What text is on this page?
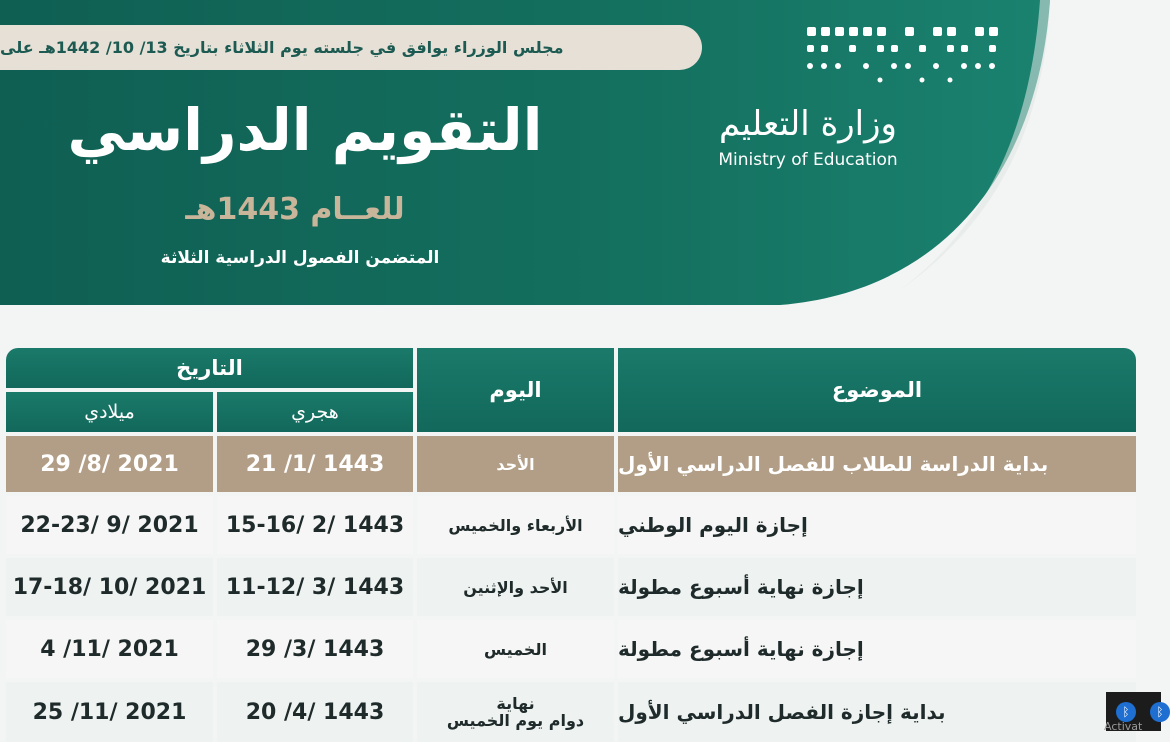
مجلس الوزراء يوافق في جلسته يوم الثلاثاء بتاريخ 13/ 10/ 1442هـ على
التقويم الدراسي
للعــام 1443هـ
المتضمن الفصول الدراسية الثلاثة
وزارة التعليم
Ministry of Education
الموضوع
اليوم
التاريخ
هجري
ميلادي
بداية الدراسة للطلاب للفصل الدراسي الأول
الأحد
21 /1/ 1443
29 /8/ 2021
إجازة اليوم الوطني
الأربعاء والخميس
15-16/ 2/ 1443
22-23/ 9/ 2021
إجازة نهاية أسبوع مطولة
الأحد والإثنين
11-12/ 3/ 1443
17-18/ 10/ 2021
إجازة نهاية أسبوع مطولة
الخميس
29 /3/ 1443
4 /11/ 2021
بداية إجازة الفصل الدراسي الأول
نهاية
دوام يوم الخميس
20 /4/ 1443
25 /11/ 2021	ᛒ	ᛒ
Activat
